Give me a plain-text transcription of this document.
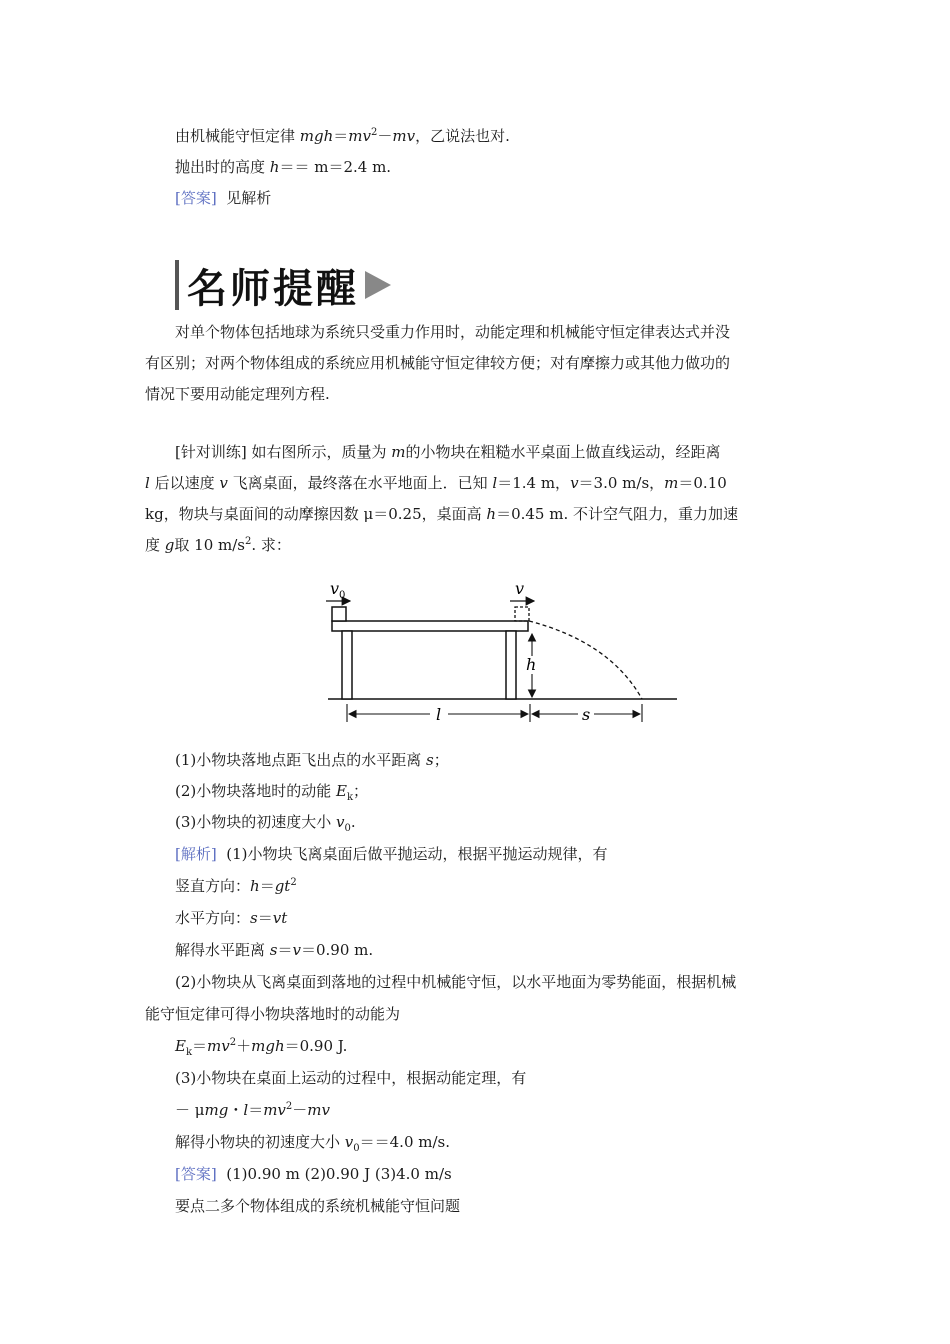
由机械能守恒定律 $mgh=mv^2-mv$，乙说法也对.
抛出时的高度 h＝＝ m＝2.4 m.
[答案] 见解析
名师提醒
对单个物体包括地球为系统只受重力作用时，动能定理和机械能守恒定律表达式并没
有区别；对两个物体组成的系统应用机械能守恒定律较方便；对有摩擦力或其他力做功的
情况下要用动能定理列方程.
[针对训练] 如右图所示，质量为 m的小物块在粗糙水平桌面上做直线运动，经距离
l 后以速度 v 飞离桌面，最终落在水平地面上．已知 l＝1.4 m，v＝3.0 m/s，m＝0.10
kg，物块与桌面间的动摩擦因数 μ＝0.25，桌面高 h＝0.45 m. 不计空气阻力，重力加速
度 g取 10 $m/s^2$. 求：
$v_0$	v
h
l	s
(1)小物块落地点距飞出点的水平距离 s；
(2)小物块落地时的动能 $E_k$；
(3)小物块的初速度大小 $v_0$.
[解析] (1)小物块飞离桌面后做平抛运动，根据平抛运动规律，有
竖直方向：$h=gt^2$
水平方向：s＝vt
解得水平距离 s＝v＝0.90 m.
(2)小物块从飞离桌面到落地的过程中机械能守恒，以水平地面为零势能面，根据机械
能守恒定律可得小物块落地时的动能为
$E_k=mv^2+mgh=0.90$ J.
(3)小物块在桌面上运动的过程中，根据动能定理，有
－ μmg・$l=mv^2-mv$
解得小物块的初速度大小 $v_0==4.0$ m/s.
[答案] (1)0.90 m (2)0.90 J (3)4.0 m/s
要点二多个物体组成的系统机械能守恒问题
